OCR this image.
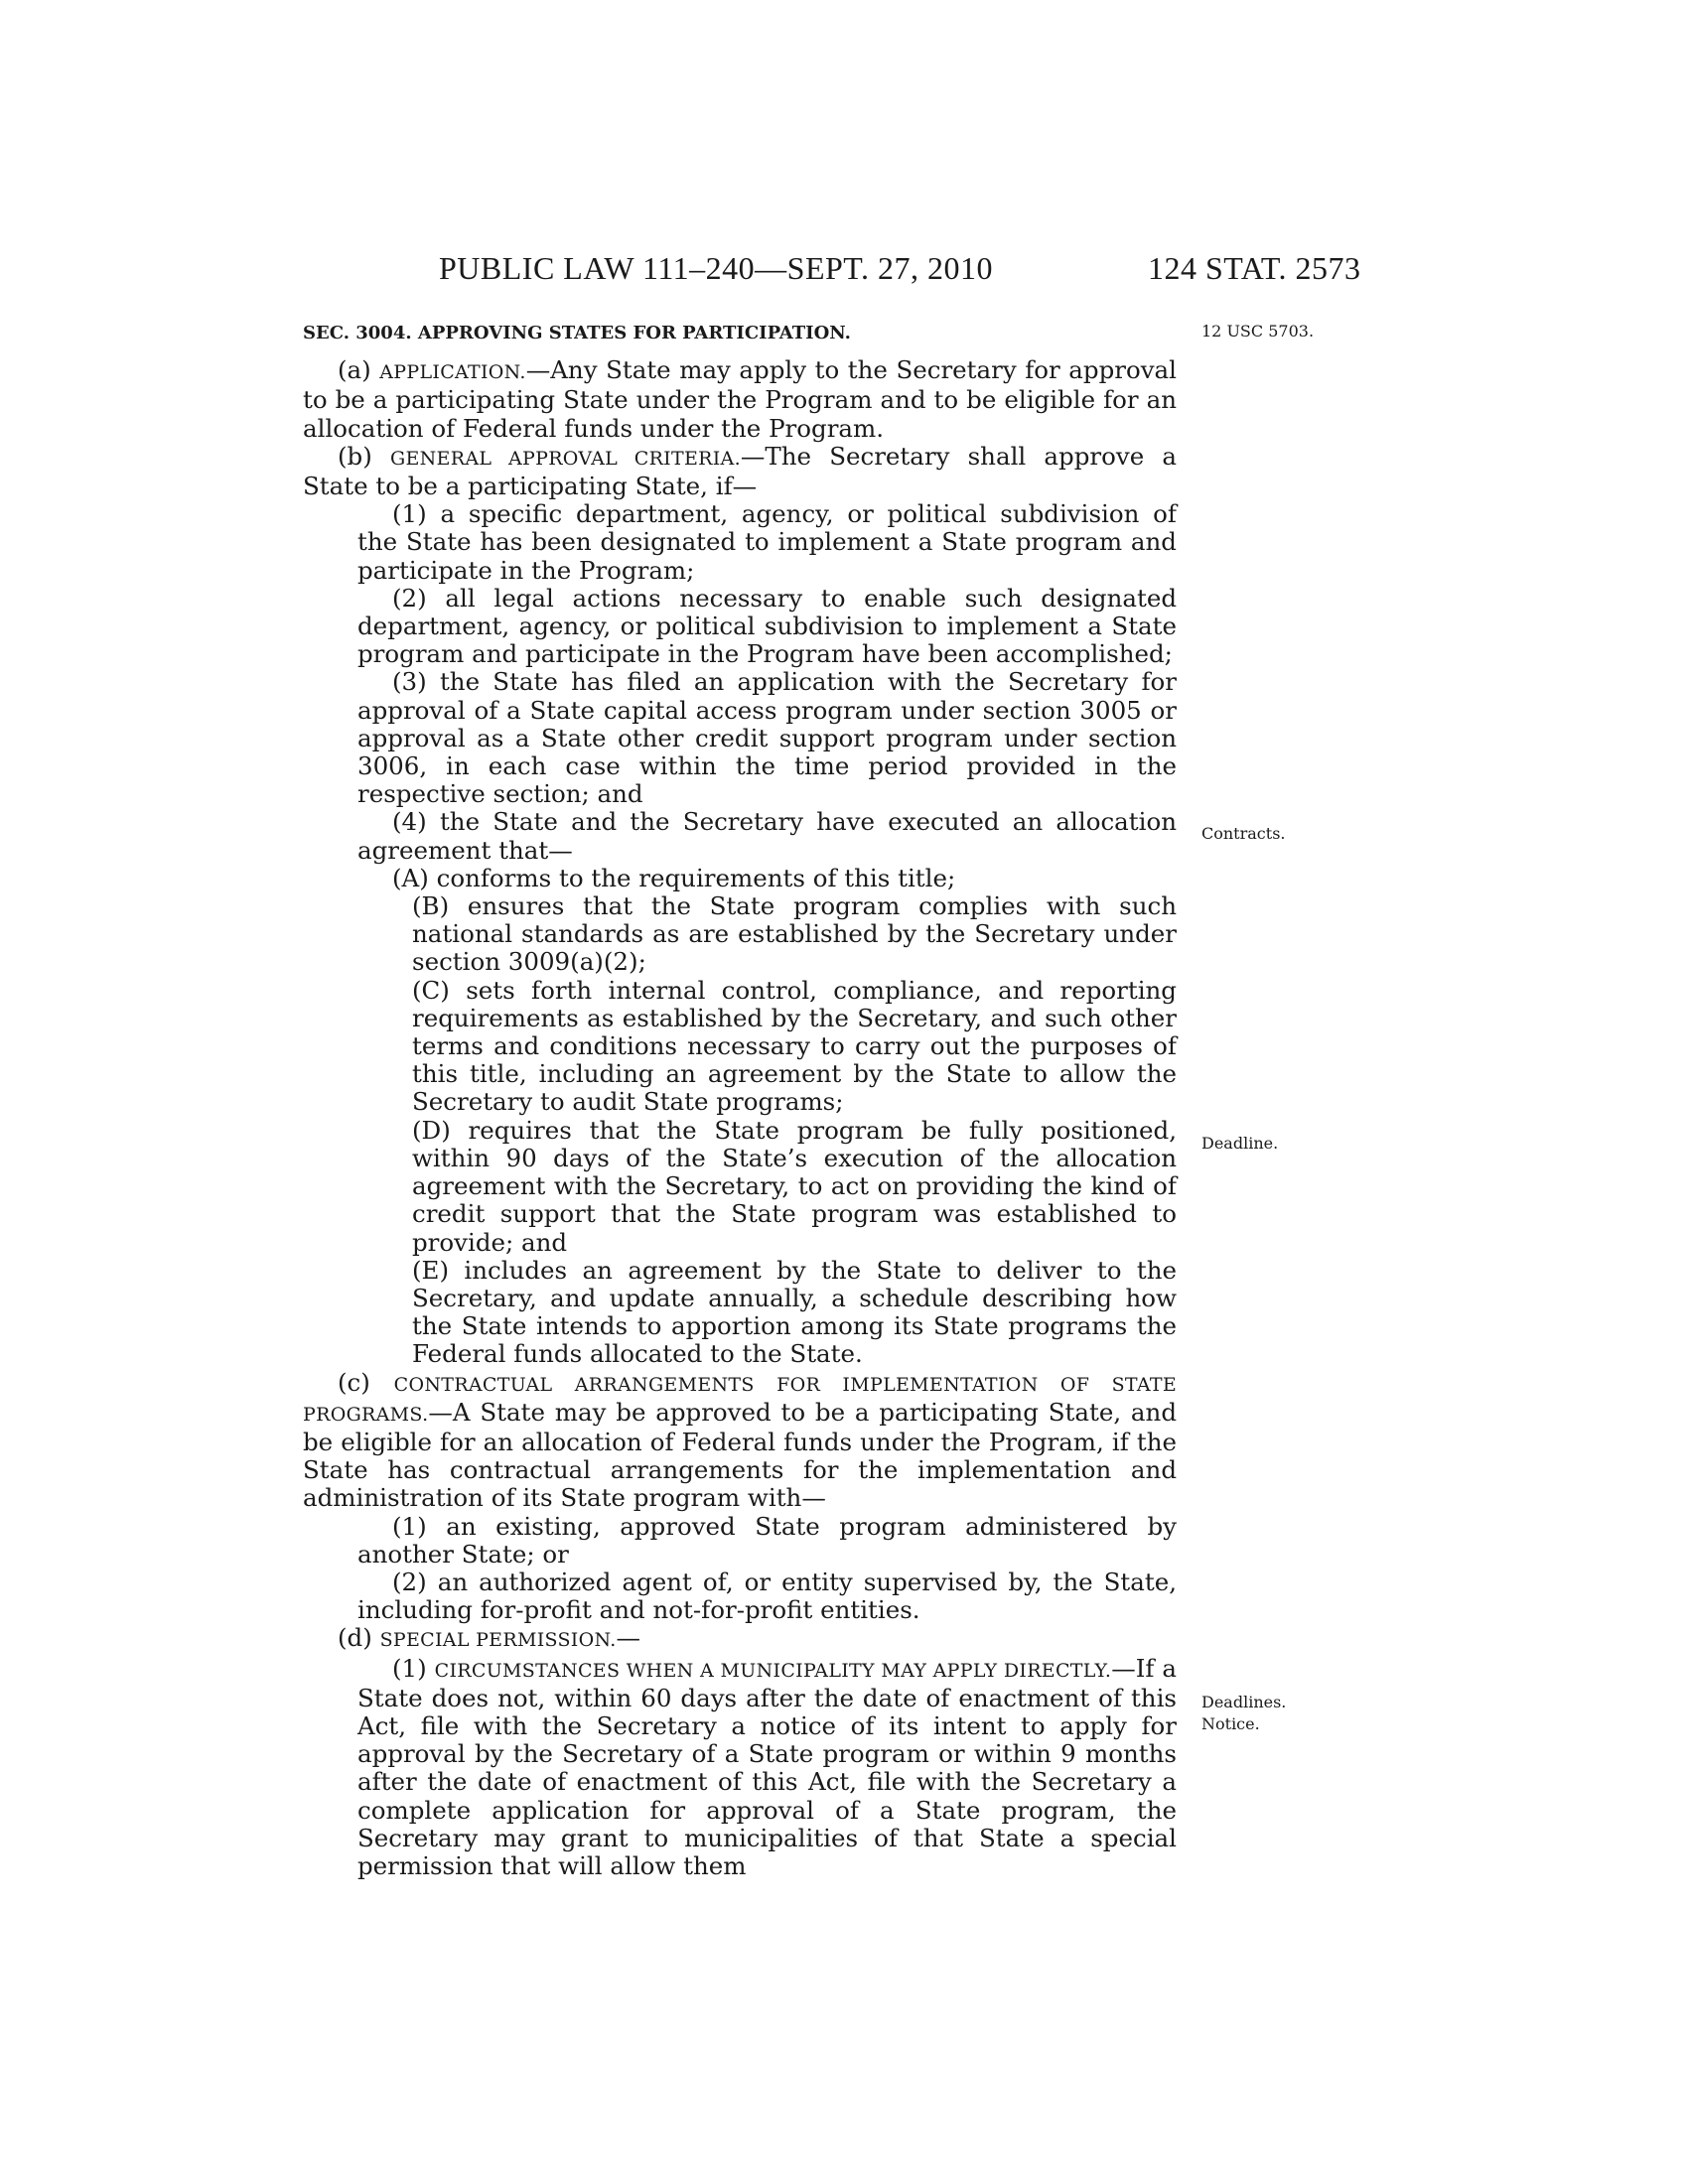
PUBLIC LAW 111–240—SEPT. 27, 2010	124 STAT. 2573
12 USC 5703.
Contracts.
Deadline.
Deadlines.
Notice.
SEC. 3004. APPROVING STATES FOR PARTICIPATION.

(a) APPLICATION.—Any State may apply to the Secretary for approval to be a participating State under the Program and to be eligible for an allocation of Federal funds under the Program.

(b) GENERAL APPROVAL CRITERIA.—The Secretary shall approve a State to be a participating State, if—

(1) a specific department, agency, or political subdivision of the State has been designated to implement a State program and participate in the Program;

(2) all legal actions necessary to enable such designated department, agency, or political subdivision to implement a State program and participate in the Program have been accomplished;

(3) the State has filed an application with the Secretary for approval of a State capital access program under section 3005 or approval as a State other credit support program under section 3006, in each case within the time period provided in the respective section; and

(4) the State and the Secretary have executed an allocation agreement that—

(A) conforms to the requirements of this title;

(B) ensures that the State program complies with such national standards as are established by the Secretary under section 3009(a)(2);

(C) sets forth internal control, compliance, and reporting requirements as established by the Secretary, and such other terms and conditions necessary to carry out the purposes of this title, including an agreement by the State to allow the Secretary to audit State programs;

(D) requires that the State program be fully positioned, within 90 days of the State’s execution of the allocation agreement with the Secretary, to act on providing the kind of credit support that the State program was established to provide; and

(E) includes an agreement by the State to deliver to the Secretary, and update annually, a schedule describing how the State intends to apportion among its State programs the Federal funds allocated to the State.

(c) CONTRACTUAL ARRANGEMENTS FOR IMPLEMENTATION OF STATE PROGRAMS.—A State may be approved to be a participating State, and be eligible for an allocation of Federal funds under the Program, if the State has contractual arrangements for the implementation and administration of its State program with—

(1) an existing, approved State program administered by another State; or

(2) an authorized agent of, or entity supervised by, the State, including for-profit and not-for-profit entities.

(d) SPECIAL PERMISSION.—

(1) CIRCUMSTANCES WHEN A MUNICIPALITY MAY APPLY DIRECTLY.—If a State does not, within 60 days after the date of enactment of this Act, file with the Secretary a notice of its intent to apply for approval by the Secretary of a State program or within 9 months after the date of enactment of this Act, file with the Secretary a complete application for approval of a State program, the Secretary may grant to municipalities of that State a special permission that will allow them
